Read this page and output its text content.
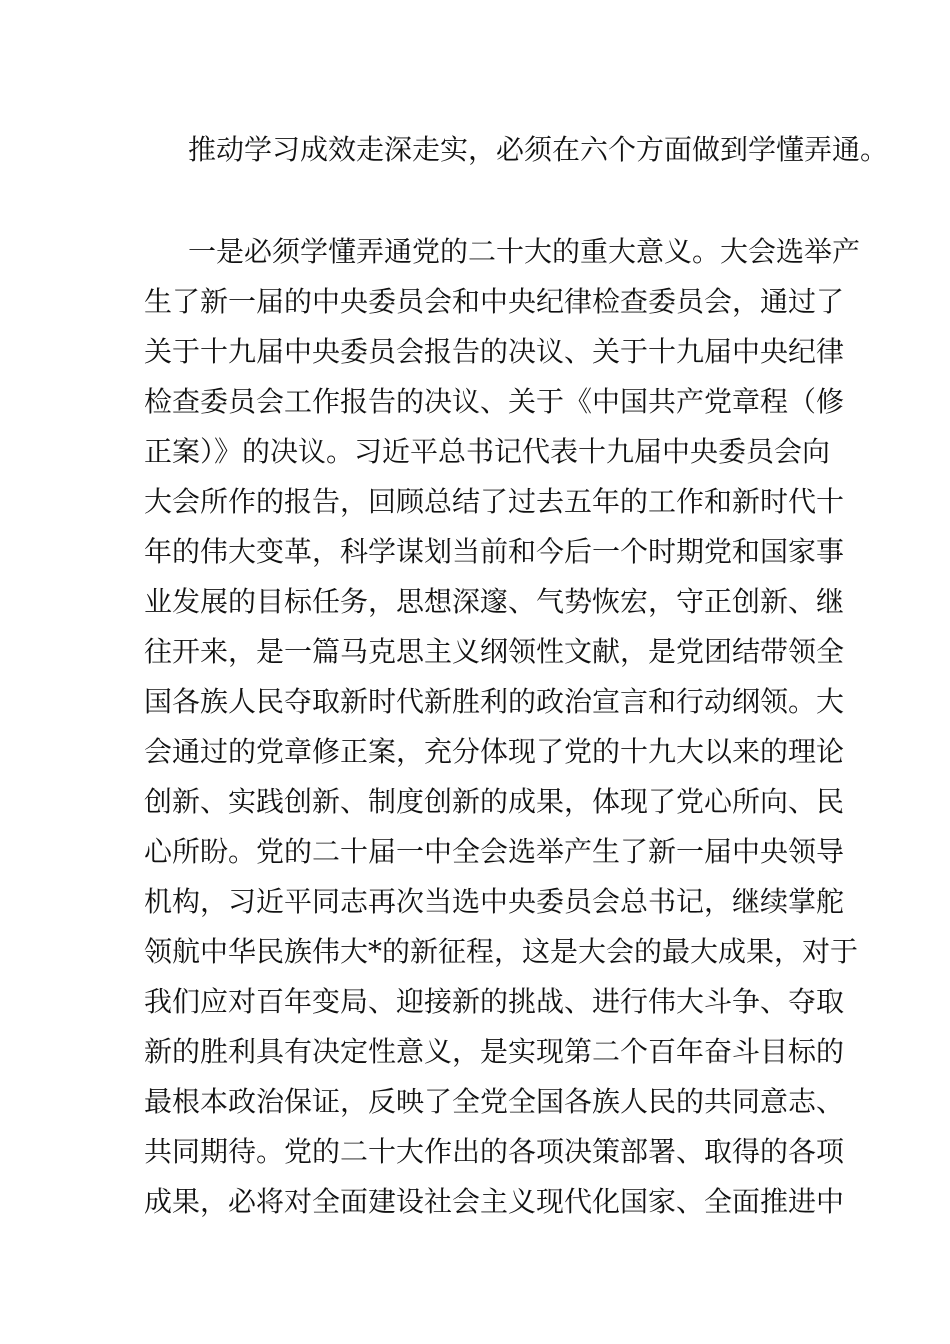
推动学习成效走深走实，必须在六个方面做到学懂弄通。
一是必须学懂弄通党的二十大的重大意义。大会选举产
生了新一届的中央委员会和中央纪律检查委员会，通过了
关于十九届中央委员会报告的决议、关于十九届中央纪律
检查委员会工作报告的决议、关于《中国共产党章程（修
正案）》的决议。习近平总书记代表十九届中央委员会向
大会所作的报告，回顾总结了过去五年的工作和新时代十
年的伟大变革，科学谋划当前和今后一个时期党和国家事
业发展的目标任务，思想深邃、气势恢宏，守正创新、继
往开来，是一篇马克思主义纲领性文献，是党团结带领全
国各族人民夺取新时代新胜利的政治宣言和行动纲领。大
会通过的党章修正案，充分体现了党的十九大以来的理论
创新、实践创新、制度创新的成果，体现了党心所向、民
心所盼。党的二十届一中全会选举产生了新一届中央领导
机构，习近平同志再次当选中央委员会总书记，继续掌舵
领航中华民族伟大*的新征程，这是大会的最大成果，对于
我们应对百年变局、迎接新的挑战、进行伟大斗争、夺取
新的胜利具有决定性意义，是实现第二个百年奋斗目标的
最根本政治保证，反映了全党全国各族人民的共同意志、
共同期待。党的二十大作出的各项决策部署、取得的各项
成果，必将对全面建设社会主义现代化国家、全面推进中
